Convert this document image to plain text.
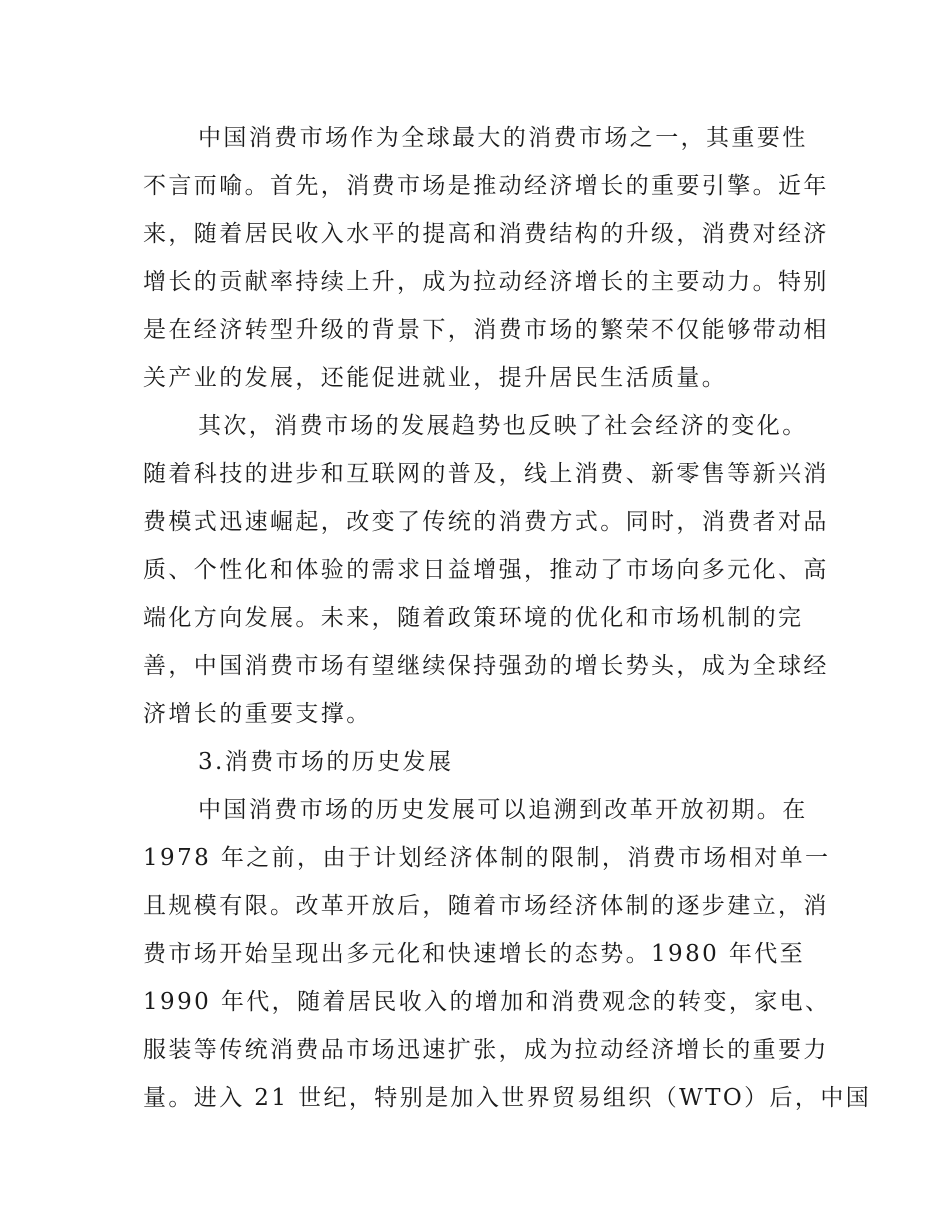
中国消费市场作为全球最大的消费市场之一，其重要性

不言而喻。首先，消费市场是推动经济增长的重要引擎。近年

来，随着居民收入水平的提高和消费结构的升级，消费对经济

增长的贡献率持续上升，成为拉动经济增长的主要动力。特别

是在经济转型升级的背景下，消费市场的繁荣不仅能够带动相

关产业的发展，还能促进就业，提升居民生活质量。

其次，消费市场的发展趋势也反映了社会经济的变化。

随着科技的进步和互联网的普及，线上消费、新零售等新兴消

费模式迅速崛起，改变了传统的消费方式。同时，消费者对品

质、个性化和体验的需求日益增强，推动了市场向多元化、高

端化方向发展。未来，随着政策环境的优化和市场机制的完

善，中国消费市场有望继续保持强劲的增长势头，成为全球经

济增长的重要支撑。

3.消费市场的历史发展

中国消费市场的历史发展可以追溯到改革开放初期。在

1978 年之前，由于计划经济体制的限制，消费市场相对单一

且规模有限。改革开放后，随着市场经济体制的逐步建立，消

费市场开始呈现出多元化和快速增长的态势。1980 年代至

1990 年代，随着居民收入的增加和消费观念的转变，家电、

服装等传统消费品市场迅速扩张，成为拉动经济增长的重要力

量。进入 21 世纪，特别是加入世界贸易组织（WTO）后，中国
